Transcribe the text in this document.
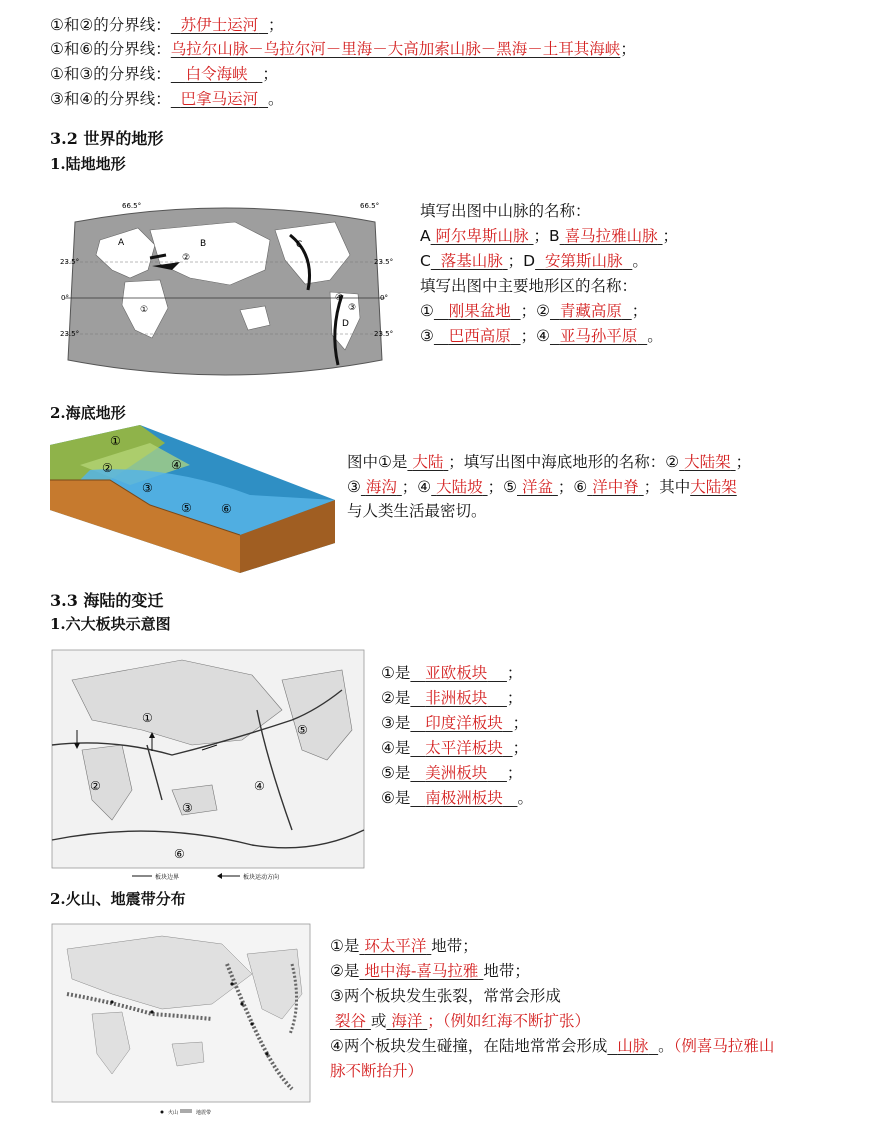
①和②的分界线： 苏伊士运河 ；
①和⑥的分界线：乌拉尔山脉－乌拉尔河－里海－大高加索山脉－黑海－土耳其海峡；
①和③的分界线： 白令海峡 ；
③和④的分界线： 巴拿马运河 。
3.2 世界的地形
1.陆地地形
66.5°	66.5°
23.5°	23.5°
0°	0°
23.5°	23.5°
A	B	C
D
①
②
③
④
填写出图中山脉的名称：
A 阿尔卑斯山脉 ；B 喜马拉雅山脉 ；
C 落基山脉 ；D 安第斯山脉 。
填写出图中主要地形区的名称：
① 刚果盆地 ；② 青藏高原 ；
③ 巴西高原 ；④ 亚马孙平原 。
2.海底地形
①
②
③
④
⑤ ⑥
图中①是 大陆 ；填写出图中海底地形的名称：② 大陆架 ；
③ 海沟 ；④ 大陆坡 ；⑤ 洋盆 ；⑥ 洋中脊 ；其中大陆架
与人类生活最密切。
3.3 海陆的变迁
1.六大板块示意图
①
②
③
④
⑤
⑥
板块边界	板块运动方向
①是 亚欧板块 ；
②是 非洲板块 ；
③是 印度洋板块 ；
④是 太平洋板块 ；
⑤是 美洲板块 ；
⑥是 南极洲板块 。
2.火山、地震带分布
火山	地震带
①是 环太平洋 地带；
②是 地中海-喜马拉雅 地带；
③两个板块发生张裂，常常会形成
裂谷 或 海洋 ；（例如红海不断扩张）
④两个板块发生碰撞，在陆地常常会形成 山脉 。（例喜马拉雅山
脉不断抬升）
